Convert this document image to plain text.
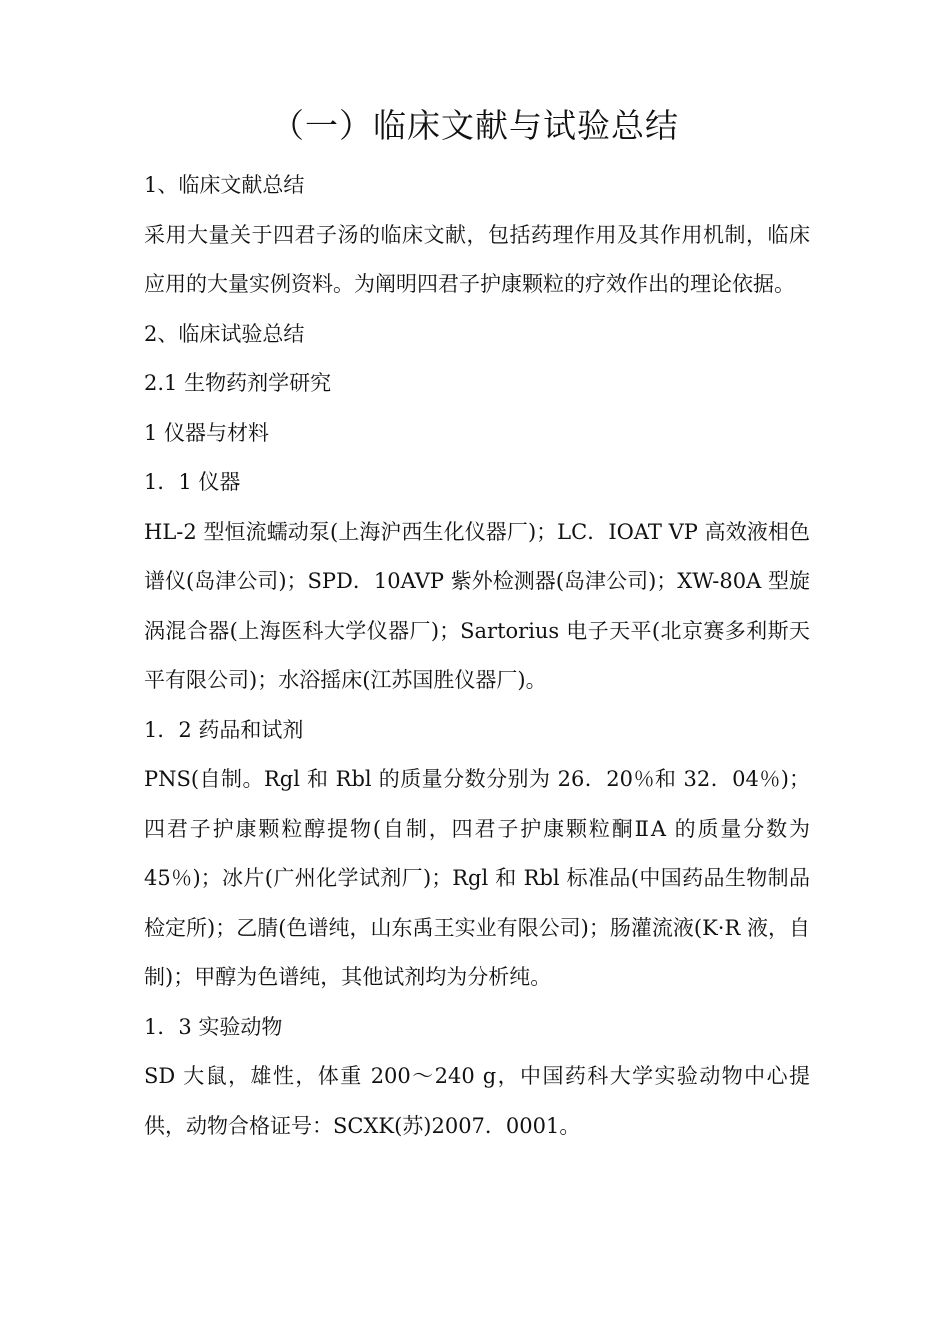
（一）临床文献与试验总结

1、临床文献总结

采用大量关于四君子汤的临床文献，包括药理作用及其作用机制，临床应用的大量实例资料。为阐明四君子护康颗粒的疗效作出的理论依据。

2、临床试验总结

2.1 生物药剂学研究

1 仪器与材料

1．1 仪器

HL-2 型恒流蠕动泵(上海沪西生化仪器厂)；LC．IOAT VP 高效液相色谱仪(岛津公司)；SPD．10AVP 紫外检测器(岛津公司)；XW-80A 型旋涡混合器(上海医科大学仪器厂)；Sartorius 电子天平(北京赛多利斯天平有限公司)；水浴摇床(江苏国胜仪器厂)。

1．2 药品和试剂

PNS(自制。Rgl 和 Rbl 的质量分数分别为 26．20％和 32．04％)；四君子护康颗粒醇提物(自制，四君子护康颗粒酮ⅡA 的质量分数为 45％)；冰片(广州化学试剂厂)；Rgl 和 Rbl 标准品(中国药品生物制品检定所)；乙腈(色谱纯，山东禹王实业有限公司)；肠灌流液(K·R 液，自制)；甲醇为色谱纯，其他试剂均为分析纯。

1．3 实验动物

SD 大鼠，雄性，体重 200～240 g，中国药科大学实验动物中心提供，动物合格证号：SCXK(苏)2007．0001。
